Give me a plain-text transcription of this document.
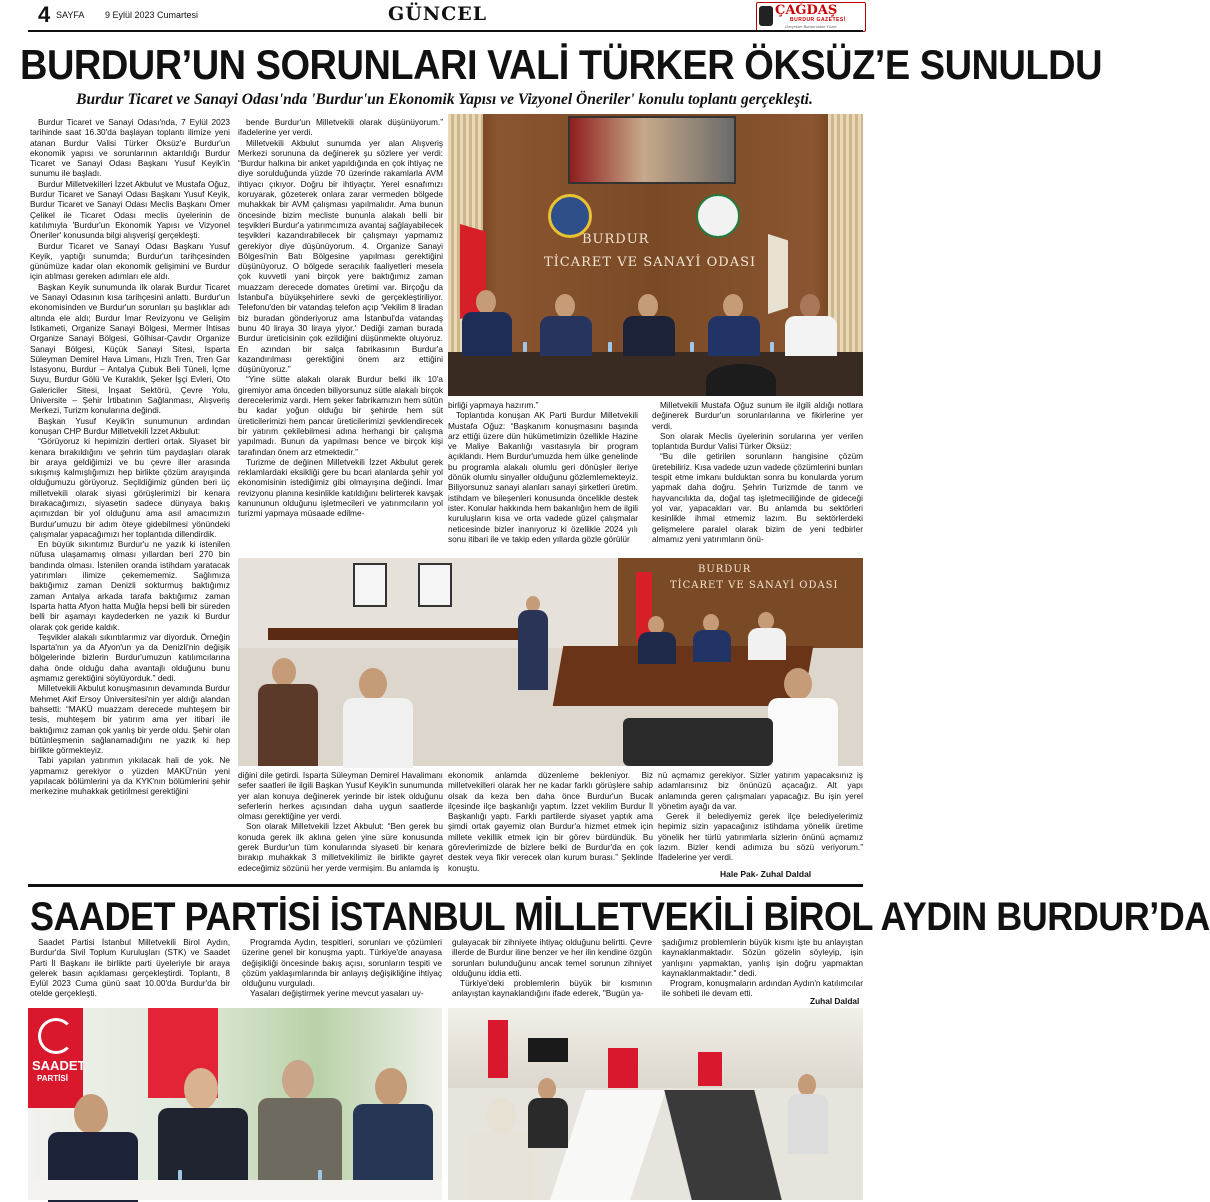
4 SAYFA 9 Eylül 2023 Cumartesi	GÜNCEL	ÇAĞDAŞ
BURDUR GAZETESİ
Gerçekler Burdur'dadır Yüzer
BURDUR’UN SORUNLARI VALİ TÜRKER ÖKSÜZ’E SUNULDU
Burdur Ticaret ve Sanayi Odası'nda 'Burdur'un Ekonomik Yapısı ve Vizyonel Öneriler' konulu toplantı gerçekleşti.

Burdur Ticaret ve Sanayi Odası'nda, 7 Eylül 2023 tarihinde saat 16.30'da başlayan toplantı ilimize yeni atanan Burdur Valisi Türker Öksüz'e Burdur'un ekonomik yapısı ve sorunlarının aktarıldığı Burdur Ticaret ve Sanayi Odası Başkanı Yusuf Keyik'in sunumu ile başladı.

Burdur Milletvekilleri İzzet Akbulut ve Mustafa Oğuz, Burdur Ticaret ve Sanayi Odası Başkanı Yusuf Keyik, Burdur Ticaret ve Sanayi Odası Meclis Başkanı Ömer Çelikel ile Ticaret Odası meclis üyelerinin de katılımıyla 'Burdur'un Ekonomik Yapısı ve Vizyonel Öneriler' konusunda bilgi alışverişi gerçekleşti.

Burdur Ticaret ve Sanayi Odası Başkanı Yusuf Keyik, yaptığı sunumda; Burdur'un tarihçesinden günümüze kadar olan ekonomik gelişimini ve Burdur için atılması gereken adımları ele aldı.

Başkan Keyik sunumunda ilk olarak Burdur Ticaret ve Sanayi Odasının kısa tarihçesini anlattı. Burdur'un ekonomisinden ve Burdur'un sorunları şu başlıklar adı altında ele aldı; Burdur İmar Revizyonu ve Gelişim İstikameti, Organize Sanayi Bölgesi, Mermer İhtisas Organize Sanayi Bölgesi, Gölhisar-Çavdır Organize Sanayi Bölgesi, Küçük Sanayi Sitesi, Isparta Süleyman Demirel Hava Limanı, Hızlı Tren, Tren Gar İstasyonu, Burdur – Antalya Çubuk Beli Tüneli, İçme Suyu, Burdur Gölü Ve Kuraklık, Şeker İşçi Evleri, Oto Galericiler Sitesi, İnşaat Sektörü, Çevre Yolu, Üniversite – Şehir İrtibatının Sağlanması, Alışveriş Merkezi, Turizm konularına değindi.

Başkan Yusuf Keyik'in sunumunun ardından konuşan CHP Burdur Milletvekili İzzet Akbulut:

“Görüyoruz ki hepimizin dertleri ortak. Siyaset bir kenara bırakıldığını ve şehrin tüm paydaşları olarak bir araya geldiğimizi ve bu çevre iller arasında sıkışmış kalmışlığımızı hep birlikte çözüm arayışında olduğumuzu görüyoruz. Seçildiğimiz günden beri üç milletvekili olarak siyasi görüşlerimizi bir kenara bırakacağımızı, siyasetin sadece dünyaya bakış açımızdan bir yol olduğunu ama asıl amacımızın Burdur'umuzu bir adım öteye gidebilmesi yönündeki çalışmalar yapacağımızı her toplantıda dillendirdik.

En büyük sıkıntımız Burdur'u ne yazık ki istenilen nüfusa ulaşamamış olması yıllardan beri 270 bin bandında olması. İstenilen oranda istihdam yaratacak yatırımları ilimize çekemememiz. Sağlımıza baktığımız zaman Denizli sokturmuş baktığımız zaman Antalya arkada tarafa baktığımız zaman Isparta hatta Afyon hatta Muğla hepsi belli bir süreden belli bir aşamayı kaydederken ne yazık ki Burdur olarak çok geride kaldık.

Teşvikler alakalı sıkıntılarımız var diyorduk. Örneğin Isparta'nın ya da Afyon'un ya da Denizli'nin değişik bölgelerinde bizlerin Burdur'umuzun katılımcılarına daha önde olduğu daha avantajlı olduğunu bunu aşmamız gerektiğini söylüyorduk.” dedi.

Milletvekili Akbulut konuşmasının devamında Burdur Mehmet Akif Ersoy Üniversitesi'nin yer aldığı alandan bahsetti: “MAKÜ muazzam derecede muhteşem bir tesis, muhteşem bir yatırım ama yer itibari ile baktığımız zaman çok yanlış bir yerde oldu. Şehir olan bütünleşmenin sağlanamadığını ne yazık ki hep birlikte görmekteyiz.

Tabi yapılan yatırımın yıkılacak hali de yok. Ne yapmamız gerekiyor o yüzden MAKÜ'nün yeni yapılacak bölümlerini ya da KYK'nın bölümlerini şehir merkezine muhakkak getirilmesi gerektiğini

bende Burdur'un Milletvekili olarak düşünüyorum.” ifadelerine yer verdi.

Milletvekili Akbulut sunumda yer alan Alışveriş Merkezi sorununa da değinerek şu sözlere yer verdi: “Burdur halkına bir anket yapıldığında en çok ihtiyaç ne diye sorulduğunda yüzde 70 üzerinde rakamlarla AVM ihtiyacı çıkıyor. Doğru bir ihtiyaçtır. Yerel esnafımızı koruyarak, gözeterek onlara zarar vermeden bölgede muhakkak bir AVM çalışması yapılmalıdır. Ama bunun öncesinde bizim mecliste bununla alakalı belli bir teşvikleri Burdur'a yatırımcımıza avantaj sağlayabilecek teşvikleri kazandırabilecek bir çalışmayı yapmamız gerekiyor diye düşünüyorum. 4. Organize Sanayi Bölgesi'nin Batı Bölgesine yapılması gerektiğini düşünüyoruz. O bölgede seracılık faaliyetleri mesela çok kuvvetli yani birçok yere baktığımız zaman muazzam derecede domates üretimi var. Birçoğu da İstanbul'a büyükşehirlere sevki de gerçekleştiriliyor. Telefonu'den bir vatandaş telefon açıp 'Vekilim 8 liradan biz buradan gönderiyoruz ama İstanbul'da vatandaş bunu 40 liraya 30 liraya yiyor.' Dediği zaman burada Burdur üreticisinin çok ezildiğini düşünmekte oluyoruz. En azından bir salça fabrikasının Burdur'a kazandırılması gerektiğini önem arz ettiğini düşünüyoruz.”

“Yine sütte alakalı olarak Burdur belki ilk 10'a giremiyor ama önceden biliyorsunuz sütle alakalı birçok derecelerimiz vardı. Hem şeker fabrikamızın hem sütün bu kadar yoğun olduğu bir şehirde hem süt üreticilerimizi hem pancar üreticilerimizi şevklendirecek bir yatırım çekilebilmesi adına herhangi bir çalışma yapılmadı. Bunun da yapılması bence ve birçok kişi tarafından önem arz etmektedir.”

Turizme de değinen Milletvekili İzzet Akbulut gerek reklamlardaki eksikliği gere bu bcari alanlarda şehir yol ekonomisinin istediğimiz gibi olmayışına değindi. İmar revizyonu planına kesinlikle katıldığını belirterek kavşak kanununun olduğunu işletmecileri ve yatırımcıların yol turizmi yapmaya müsaade edilme-

BURDUR
TİCARET VE SANAYİ ODASI

birliği yapmaya hazırım.”

Toplantıda konuşan AK Parti Burdur Milletvekili Mustafa Oğuz: “Başkanım konuşmasını başında arz ettiği üzere dün hükümetimizin özellikle Hazine ve Maliye Bakanlığı vasıtasıyla bir program açıklandı. Hem Burdur'umuzda hem ülke genelinde bu programla alakalı olumlu geri dönüşler ileriye dönük olumlu sinyaller olduğunu gözlemlemekteyiz. Biliyorsunuz sanayi alanları sanayi şirketleri üretim. istihdam ve bileşenleri konusunda öncelikle destek ister. Konular hakkında hem bakanlığın hem de ilgili kuruluşların kısa ve orta vadede güzel çalışmalar neticesinde bizler inanıyoruz ki özellikle 2024 yılı sonu itibari ile ve takip eden yıllarda gözle görülür

Milletvekili Mustafa Oğuz sunum ile ilgili aldığı notlara değinerek Burdur'un sorunlarılarına ve fikirlerine yer verdi.

Son olarak Meclis üyelerinin sorularına yer verilen toplantıda Burdur Valisi Türker Öksüz:

“Bu dile getirilen sorunların hangisine çözüm üretebiliriz. Kısa vadede uzun vadede çözümlerini bunları tespit etme imkanı bulduktan sonra bu konularda yorum yapmak daha doğru. Şehrin Turizmde de tarım ve hayvancılıkta da, doğal taş işletmeciliğinde de gideceği yol var, yapacakları var. Bu anlamda bu sektörleri kesinlikle ihmal etmemiz lazım. Bu sektörlerdeki gelişmelere paralel olarak bizim de yeni tedbirler almamız yeni yatırımların önü-

BURDUR
TİCARET VE SANAYİ ODASI

diğini dile getirdi. Isparta Süleyman Demirel Havalimanı sefer saatleri ile ilgili Başkan Yusuf Keyik'in sunumunda yer alan konuya değinerek yerinde bir istek olduğunu seferlerin herkes açısından daha uygun saatlerde olması gerektiğine yer verdi.

Son olarak Milletvekili İzzet Akbulut: “Ben gerek bu konuda gerek ilk aklına gelen yine süre konusunda gerek Burdur'un tüm konularında siyaseti bir kenara bırakıp muhakkak 3 milletvekilimiz ile birlikte gayret edeceğimiz sözünü her yerde vermişim. Bu anlamda iş

ekonomik anlamda düzenleme bekleniyor. Biz milletvekilleri olarak her ne kadar farklı görüşlere sahip olsak da keza ben daha önce Burdur'un Bucak ilçesinde ilçe başkanlığı yaptım. İzzet vekilim Burdur İl Başkanlığı yaptı. Farklı partilerde siyaset yaptık ama şimdi ortak gayemiz olan Burdur'a hizmet etmek için millete vekillik etmek için bir görev bürdündük. Bu görevlerimizde de bizlere belki de Burdur'da en çok destek veya fikir verecek olan kurum burası.” Şeklinde konuştu.

nü açmamız gerekiyor. Sizler yatırım yapacaksınız iş adamlarısınız biz önünüzü açacağız. Alt yapı anlamında geren çalışmaları yapacağız. Bu işin yerel yönetim ayağı da var.

Gerek il belediyemiz gerek ilçe belediyelerimiz hepimiz sizin yapacağınız istihdama yönelik üretime yönelik her türlü yatırımlarla sizlerin önünü açmamız lazım. Bizler kendi adımıza bu sözü veriyorum.” İfadelerine yer verdi.

Hale Pak- Zuhal Daldal
SAADET PARTİSİ İSTANBUL MİLLETVEKİLİ BİROL AYDIN BURDUR’DA

Saadet Partisi İstanbul Milletvekili Birol Aydın, Burdur'da Sivil Toplum Kuruluşları (STK) ve Saadet Parti İl Başkanı ile birlikte parti üyeleriyle bir araya gelerek basın açıklaması gerçekleştirdi. Toplantı, 8 Eylül 2023 Cuma günü saat 10.00'da Burdur'da bir otelde gerçekleşti.

Programda Aydın, tespitleri, sorunları ve çözümleri üzerine genel bir konuşma yaptı. Türkiye'de anayasa değişikliği öncesinde bakış açısı, sorunların tespiti ve çözüm yaklaşımlarında bir anlayış değişikliğine ihtiyaç olduğunu vurguladı.

Yasaları değiştirmek yerine mevcut yasaları uy-

gulayacak bir zihniyete ihtiyaç olduğunu belirtti. Çevre illerde de Burdur iline benzer ve her ilin kendine özgün sorunları bulunduğunu ancak temel sorunun zihniyet olduğunu iddia etti.

Türkiye'deki problemlerin büyük bir kısmının anlayıştan kaynaklandığını ifade ederek, "Bugün ya-

şadığımız problemlerin büyük kısmı işte bu anlayıştan kaynaklanmaktadır. Sözün gözelin söyleyip, işin yanlışını yapmaktan, yanlış işin doğru yapmaktan kaynaklanmaktadır." dedi.

Program, konuşmaların ardından Aydın'n katılımcılar ile sohbeti ile devam etti.

Zuhal Daldal
SAADET
PARTİSİ
